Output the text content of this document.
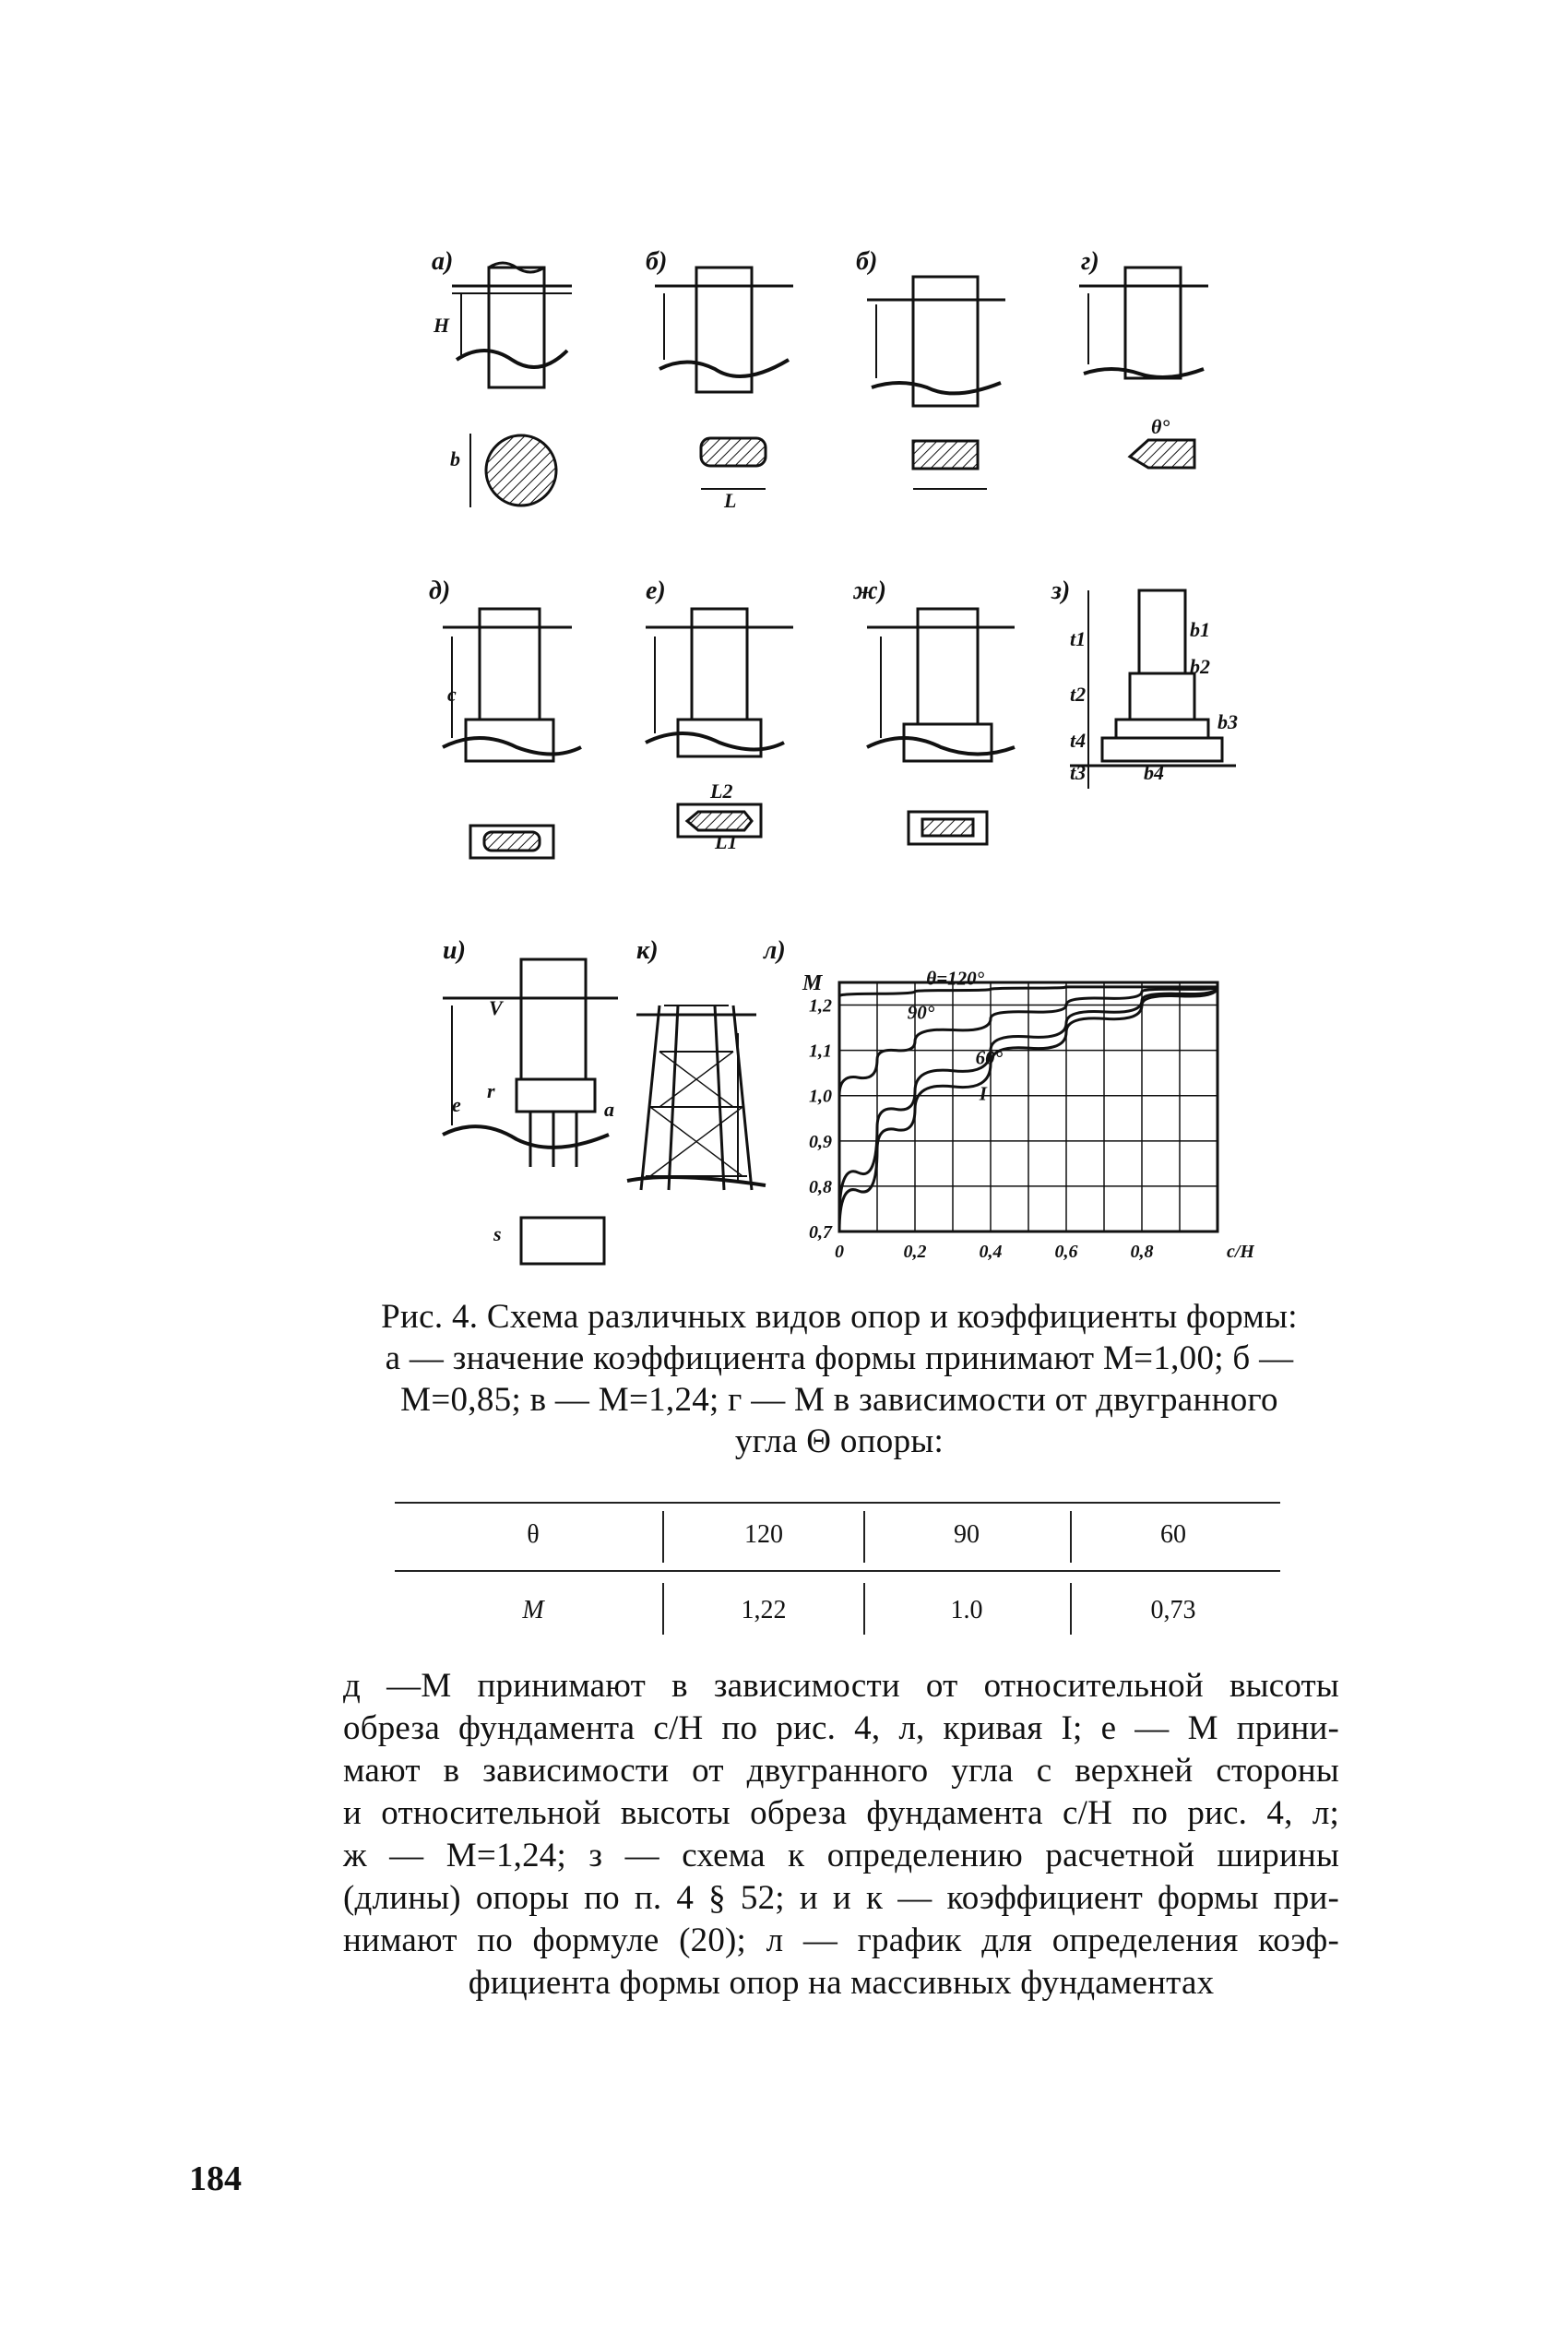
H
b
L
θ°
c
b1
b2
b3
b4
L1
L2
t1
t2
t3
t4
V
r
e	a
s
а)	б)	б)	г)
д)	е)	ж)	з)
и)	к)	л)
0,7
0,8
0,9
1,0
1,1
1,2
0	0,2	0,4	0,6	0,8
M
c/H
θ=120°
90°
60°
I
Рис. 4. Схема различных видов опор и коэффициенты формы:
а — значение коэффициента формы принимают M=1,00; б —
M=0,85; в — M=1,24; г — M в зависимости от двугранного
угла Θ опоры:
θ	120	90	60
M	1,22	1.0	0,73
д —M принимают в зависимости от относительной высоты
обреза фундамента c/H по рис. 4, л, кривая I; е — M прини-
мают в зависимости от двугранного угла с верхней стороны
и относительной высоты обреза фундамента c/H по рис. 4, л;
ж — M=1,24; з — схема к определению расчетной ширины
(длины) опоры по п. 4 § 52; и и к — коэффициент формы при-
нимают по формуле (20); л — график для определения коэф-
фициента формы опор на массивных фундаментах
184
